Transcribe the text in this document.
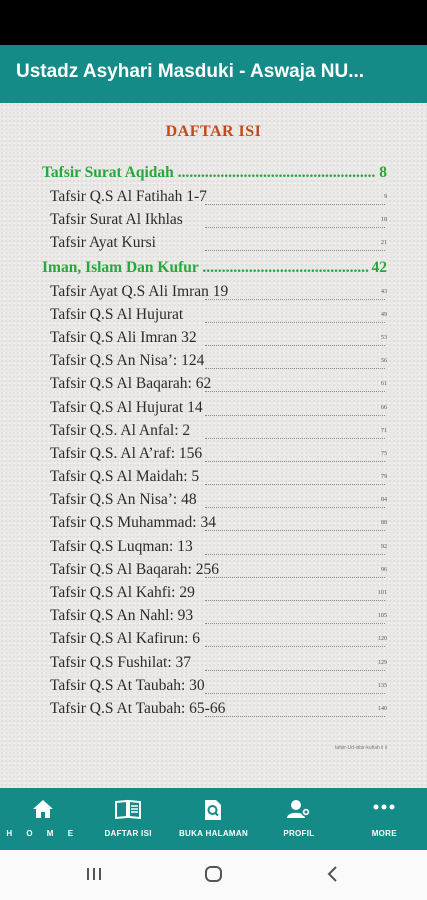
Ustadz Asyhari Masduki - Aswaja NU...
DAFTAR ISI
Tafsir Surat Aqidah .....	8
Tafsir Q.S Al Fatihah 1-7	9
Tafsir Surat Al Ikhlas	18
Tafsir Ayat Kursi	21
Iman, Islam Dan Kufur .....	42
Tafsir Ayat Q.S Ali Imran 19	43
Tafsir Q.S Al Hujurat	49
Tafsir Q.S Ali Imran 32	53
Tafsir Q.S An Nisa’: 124	56
Tafsir Q.S Al Baqarah: 62	61
Tafsir Q.S Al Hujurat 14	66
Tafsir Q.S. Al Anfal: 2	71
Tafsir Q.S. Al A’raf: 156	75
Tafsir Q.S Al Maidah: 5	79
Tafsir Q.S An Nisa’: 48	84
Tafsir Q.S Muhammad: 34	88
Tafsir Q.S Luqman: 13	92
Tafsir Q.S Al Baqarah: 256	96
Tafsir Q.S Al Kahfi: 29	101
Tafsir Q.S An Nahl: 93	105
Tafsir Q.S Al Kafirun: 6	120
Tafsir Q.S Fushilat: 37	129
Tafsir Q.S At Taubah: 30	135
Tafsir Q.S At Taubah: 65-66	140
tafsir-Ud-isbir-kufiah ii ii
H O M E	DAFTAR ISI	BUKA HALAMAN	PROFIL	MORE
